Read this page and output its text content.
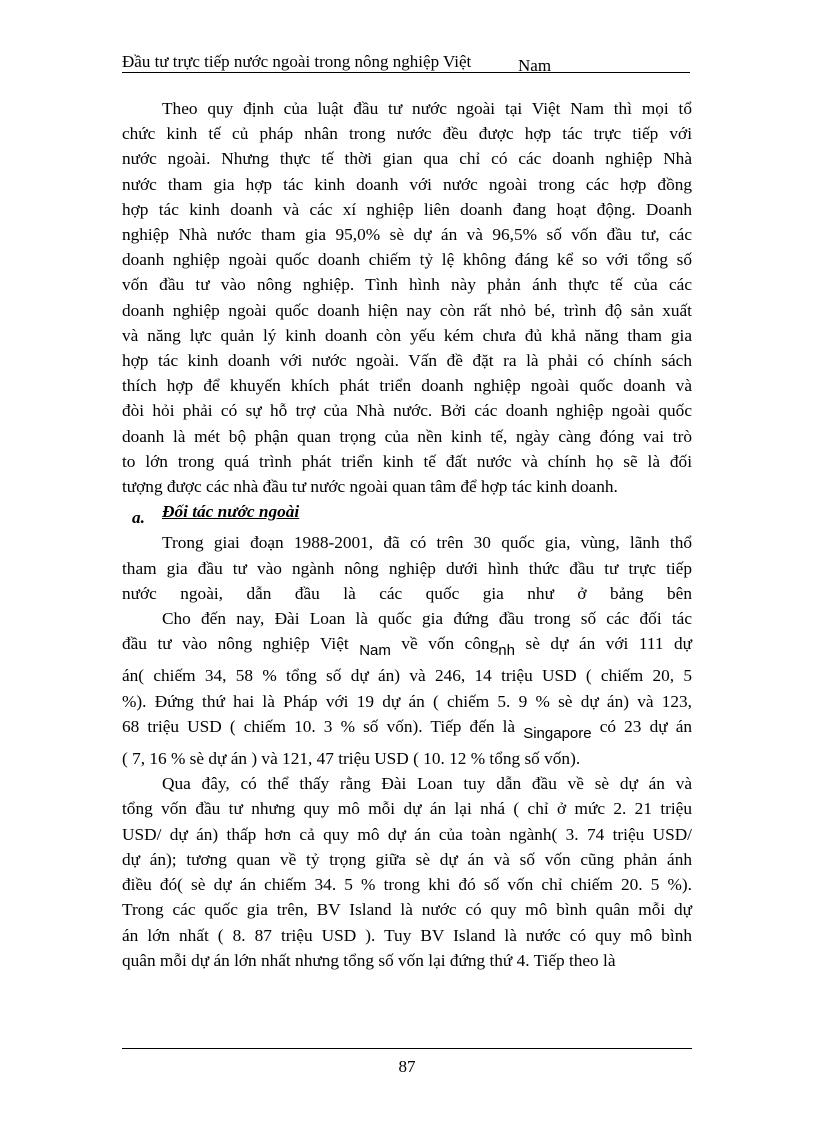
Đầu tư trực tiếp nước ngoài trong nông nghiệp Việt	Nam
Theo quy định của luật đầu tư nước ngoài tại Việt Nam thì mọi tổ
chức kinh tế củ pháp nhân trong nước đều được hợp tác trực tiếp với
nước ngoài. Nhưng thực tế thời gian qua chỉ có các doanh nghiệp Nhà
nước tham gia hợp tác kinh doanh với nước ngoài trong các hợp đồng
hợp tác kinh doanh và các xí nghiệp liên doanh đang hoạt động. Doanh
nghiệp Nhà nước tham gia 95,0% sè dự án và 96,5% số vốn đầu tư, các
doanh nghiệp ngoài quốc doanh chiếm tỷ lệ không đáng kể so với tổng số
vốn đầu tư vào nông nghiệp. Tình hình này phản ánh thực tế của các
doanh nghiệp ngoài quốc doanh hiện nay còn rất nhỏ bé, trình độ sản xuất
và năng lực quản lý kinh doanh còn yếu kém chưa đủ khả năng tham gia
hợp tác kinh doanh với nước ngoài. Vấn đề đặt ra là phải có chính sách
thích hợp để khuyến khích phát triển doanh nghiệp ngoài quốc doanh và
đòi hỏi phải có sự hỗ trợ của Nhà nước. Bởi các doanh nghiệp ngoài quốc
doanh là mét bộ phận quan trọng của nền kinh tế, ngày càng đóng vai trò
to lớn trong quá trình phát triển kinh tế đất nước và chính họ sẽ là đối
tượng được các nhà đầu tư nước ngoài quan tâm để hợp tác kinh doanh.
a. Đối tác nước ngoài
Trong giai đoạn 1988-2001, đã có trên 30 quốc gia, vùng, lãnh thổ
tham gia đầu tư vào ngành nông nghiệp dưới hình thức đầu tư trực tiếp
nước ngoài, dẫn đầu là các quốc gia như ở bảng bên
Cho đến nay, Đài Loan là quốc gia đứng đầu trong số các đối tác
đầu tư vào nông nghiệp Việt Nam về vốn côngnh sè dự án với 111 dự
án( chiếm 34, 58 % tổng số dự án) và 246, 14 triệu USD ( chiếm 20, 5
%). Đứng thứ hai là Pháp với 19 dự án ( chiếm 5. 9 % sè dự án) và 123,
68 triệu USD ( chiếm 10. 3 % số vốn). Tiếp đến là Singapore có 23 dự án
( 7, 16 % sè dự án ) và 121, 47 triệu USD ( 10. 12 % tổng số vốn).
Qua đây, có thể thấy rằng Đài Loan tuy dẫn đầu về sè dự án và
tổng vốn đầu tư nhưng quy mô mỗi dự án lại nhá ( chỉ ở mức 2. 21 triệu
USD/ dự án) thấp hơn cả quy mô dự án của toàn ngành( 3. 74 triệu USD/
dự án); tương quan về tỷ trọng giữa sè dự án và số vốn cũng phản ánh
điều đó( sè dự án chiếm 34. 5 % trong khi đó số vốn chỉ chiếm 20. 5 %).
Trong các quốc gia trên, BV Island là nước có quy mô bình quân mỗi dự
án lớn nhất ( 8. 87 triệu USD ). Tuy BV Island là nước có quy mô bình
quân mỗi dự án lớn nhất nhưng tổng số vốn lại đứng thứ 4. Tiếp theo là
87
